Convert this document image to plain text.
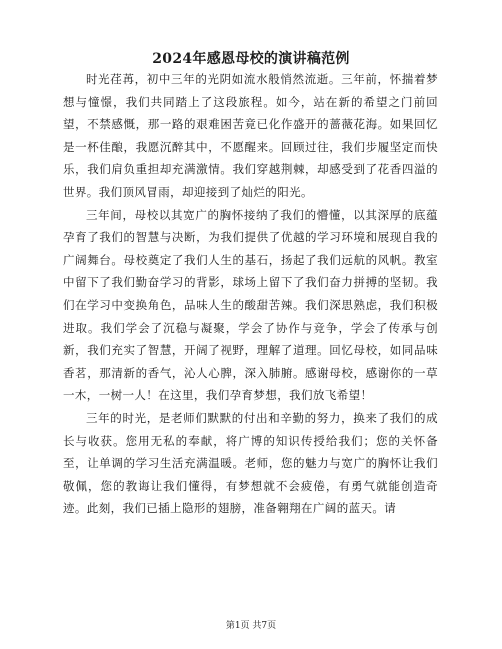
2024年感恩母校的演讲稿范例

时光荏苒，初中三年的光阴如流水般悄然流逝。三年前，怀揣着梦想与憧憬，我们共同踏上了这段旅程。如今，站在新的希望之门前回望，不禁感慨，那一路的艰难困苦竟已化作盛开的蔷薇花海。如果回忆是一杯佳酿，我愿沉醉其中，不愿醒来。回顾过往，我们步履坚定而快乐，我们肩负重担却充满激情。我们穿越荆棘，却感受到了花香四溢的世界。我们顶风冒雨，却迎接到了灿烂的阳光。

三年间，母校以其宽广的胸怀接纳了我们的懵懂，以其深厚的底蕴孕育了我们的智慧与决断，为我们提供了优越的学习环境和展现自我的广阔舞台。母校奠定了我们人生的基石，扬起了我们远航的风帆。教室中留下了我们勤奋学习的背影，球场上留下了我们奋力拼搏的坚韧。我们在学习中变换角色，品味人生的酸甜苦辣。我们深思熟虑，我们积极进取。我们学会了沉稳与凝聚，学会了协作与竞争，学会了传承与创新，我们充实了智慧，开阔了视野，理解了道理。回忆母校，如同品味香茗，那清新的香气，沁人心脾，深入肺腑。感谢母校，感谢你的一草一木，一树一人！在这里，我们孕育梦想，我们放飞希望！

三年的时光，是老师们默默的付出和辛勤的努力，换来了我们的成长与收获。您用无私的奉献，将广博的知识传授给我们；您的关怀备至，让单调的学习生活充满温暖。老师，您的魅力与宽广的胸怀让我们敬佩，您的教诲让我们懂得，有梦想就不会疲倦，有勇气就能创造奇迹。此刻，我们已插上隐形的翅膀，准备翱翔在广阔的蓝天。请

第1页 共7页
